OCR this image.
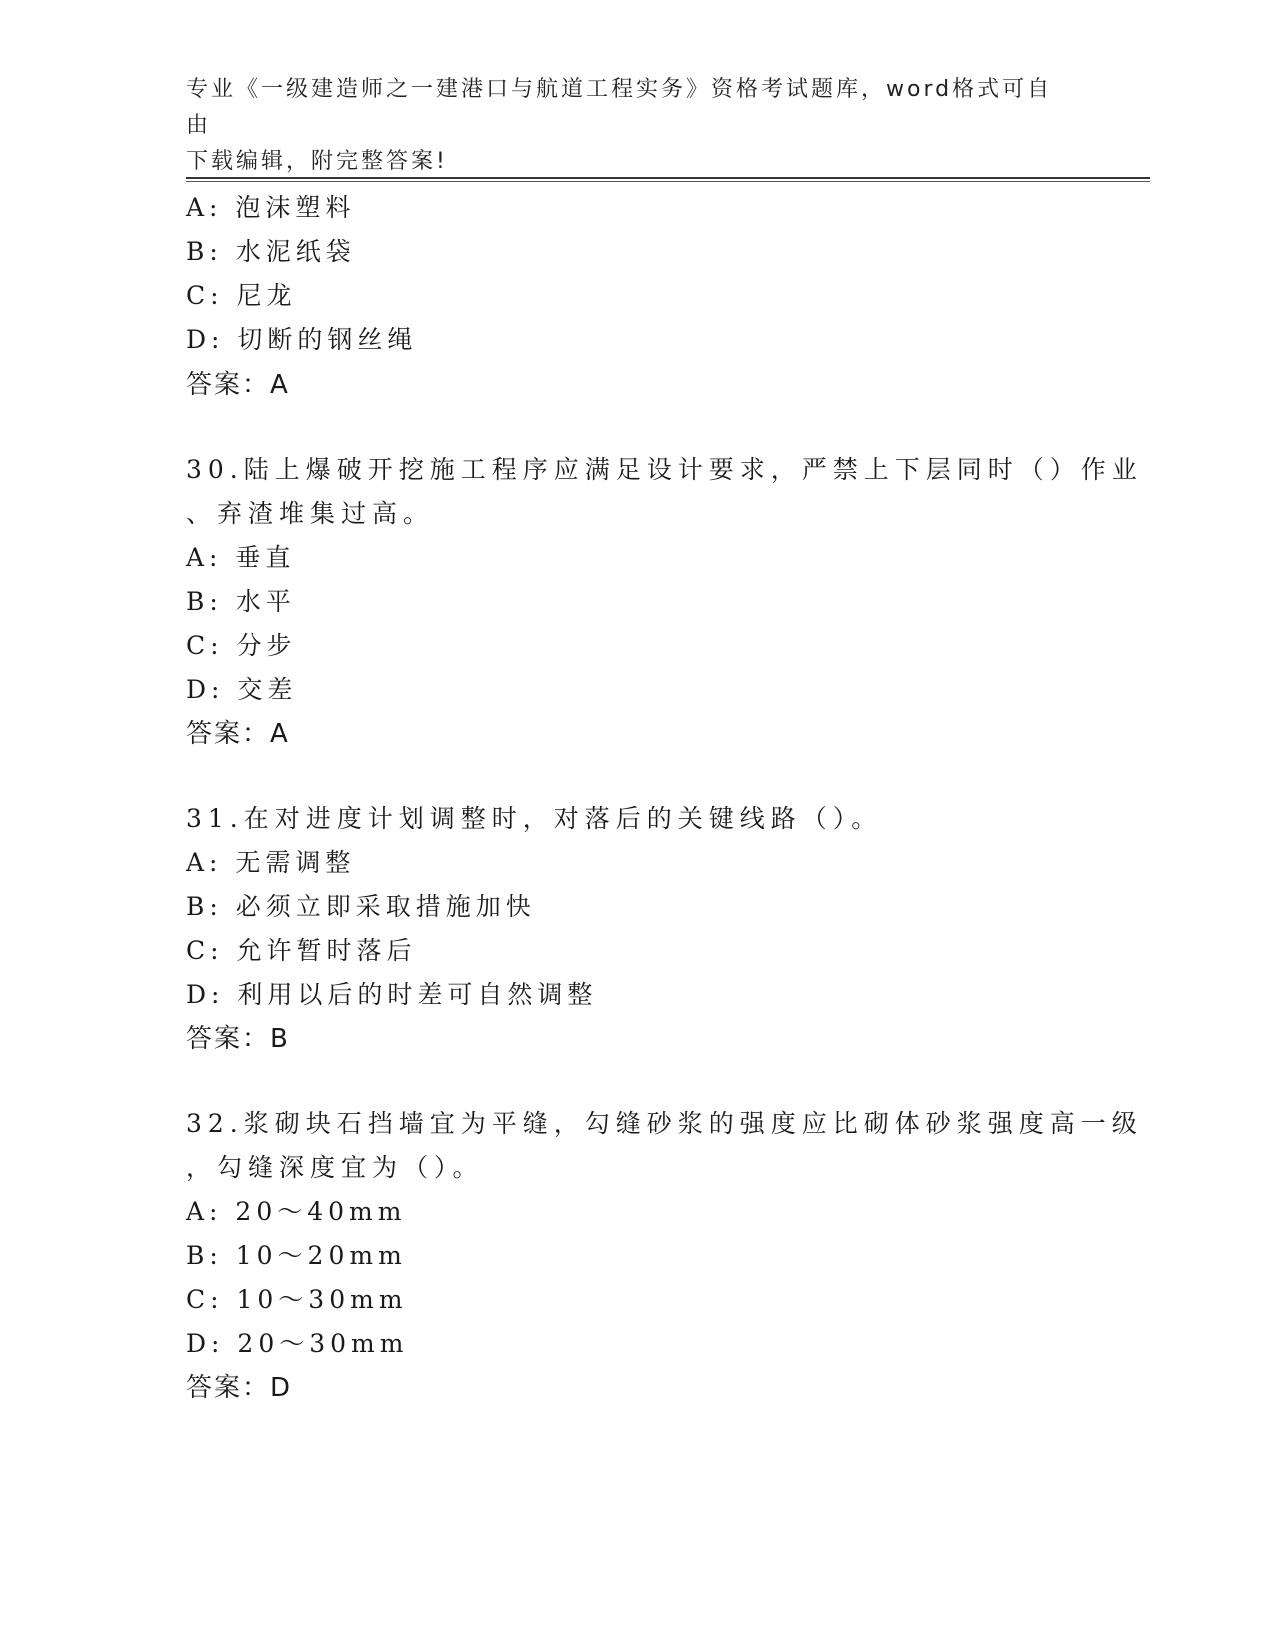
专业《一级建造师之一建港口与航道工程实务》资格考试题库，word格式可自由
下载编辑，附完整答案!
A: 泡沫塑料
B: 水泥纸袋
C: 尼龙
D: 切断的钢丝绳
答案：A
30.陆上爆破开挖施工程序应满足设计要求，严禁上下层同时（）作业
、弃渣堆集过高。
A: 垂直
B: 水平
C: 分步
D: 交差
答案：A
31.在对进度计划调整时，对落后的关键线路（）。
A: 无需调整
B: 必须立即采取措施加快
C: 允许暂时落后
D: 利用以后的时差可自然调整
答案：B
32.浆砌块石挡墙宜为平缝，勾缝砂浆的强度应比砌体砂浆强度高一级
，勾缝深度宜为（）。
A: 20～40mm
B: 10～20mm
C: 10～30mm
D: 20～30mm
答案：D
